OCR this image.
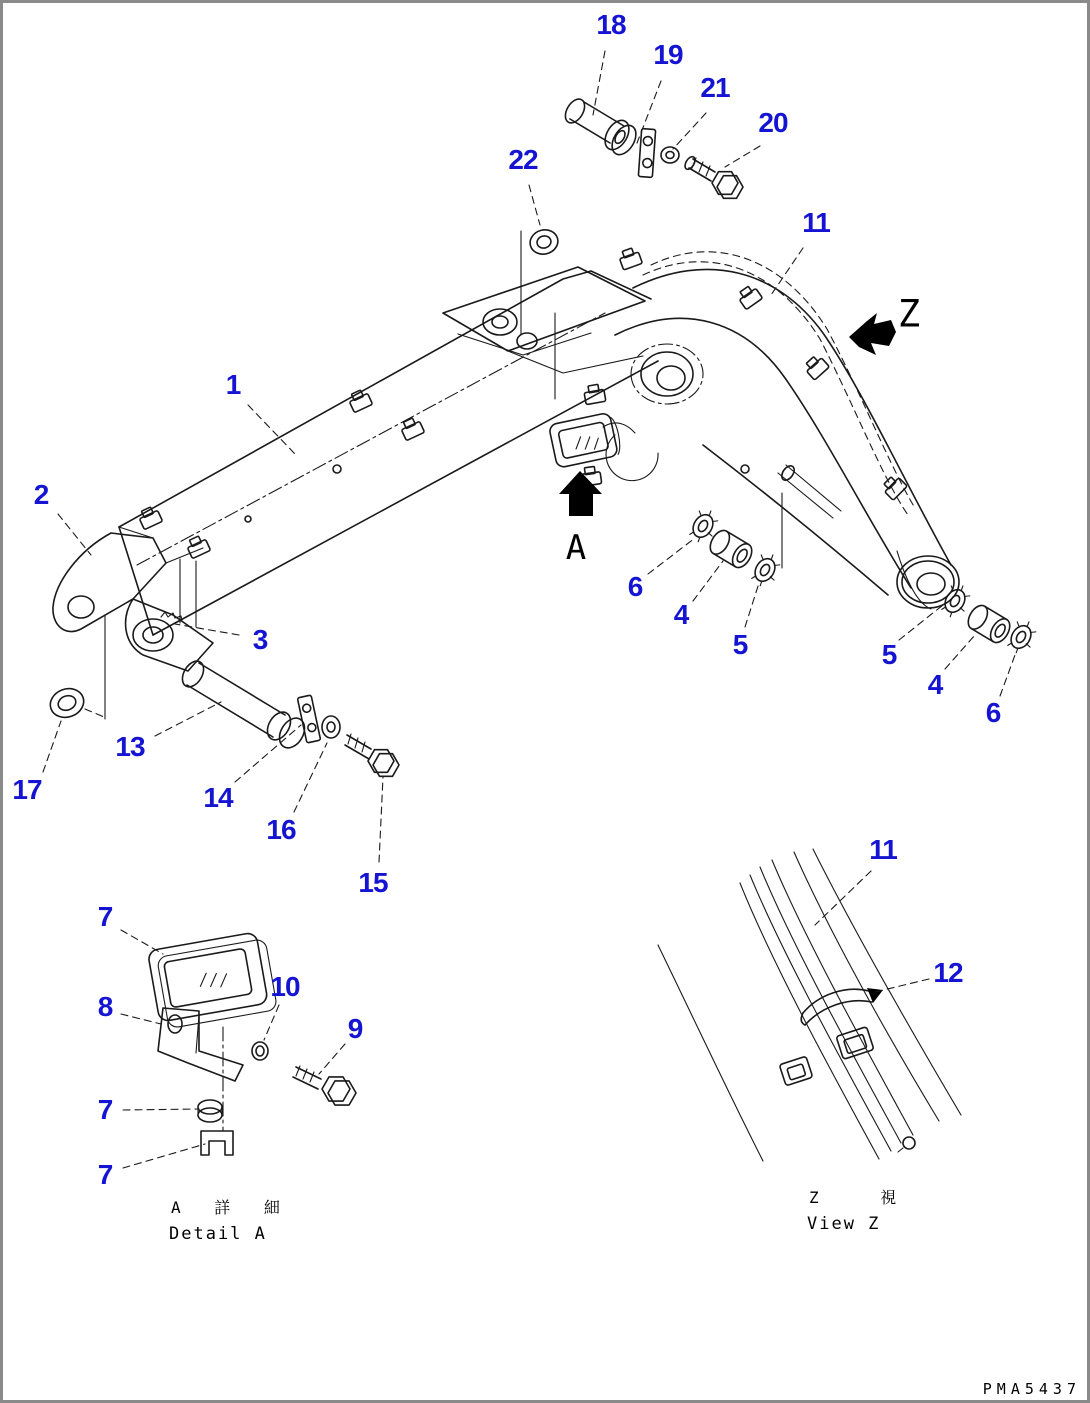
18
19
21
20
22
11
1
2
3
6
4
5	5
4
6
13
17	14
16
15
11
12
7
8
10
9
7
7
A
Z
A 詳 細
Detail A
Z 視
View Z
PMA5437
